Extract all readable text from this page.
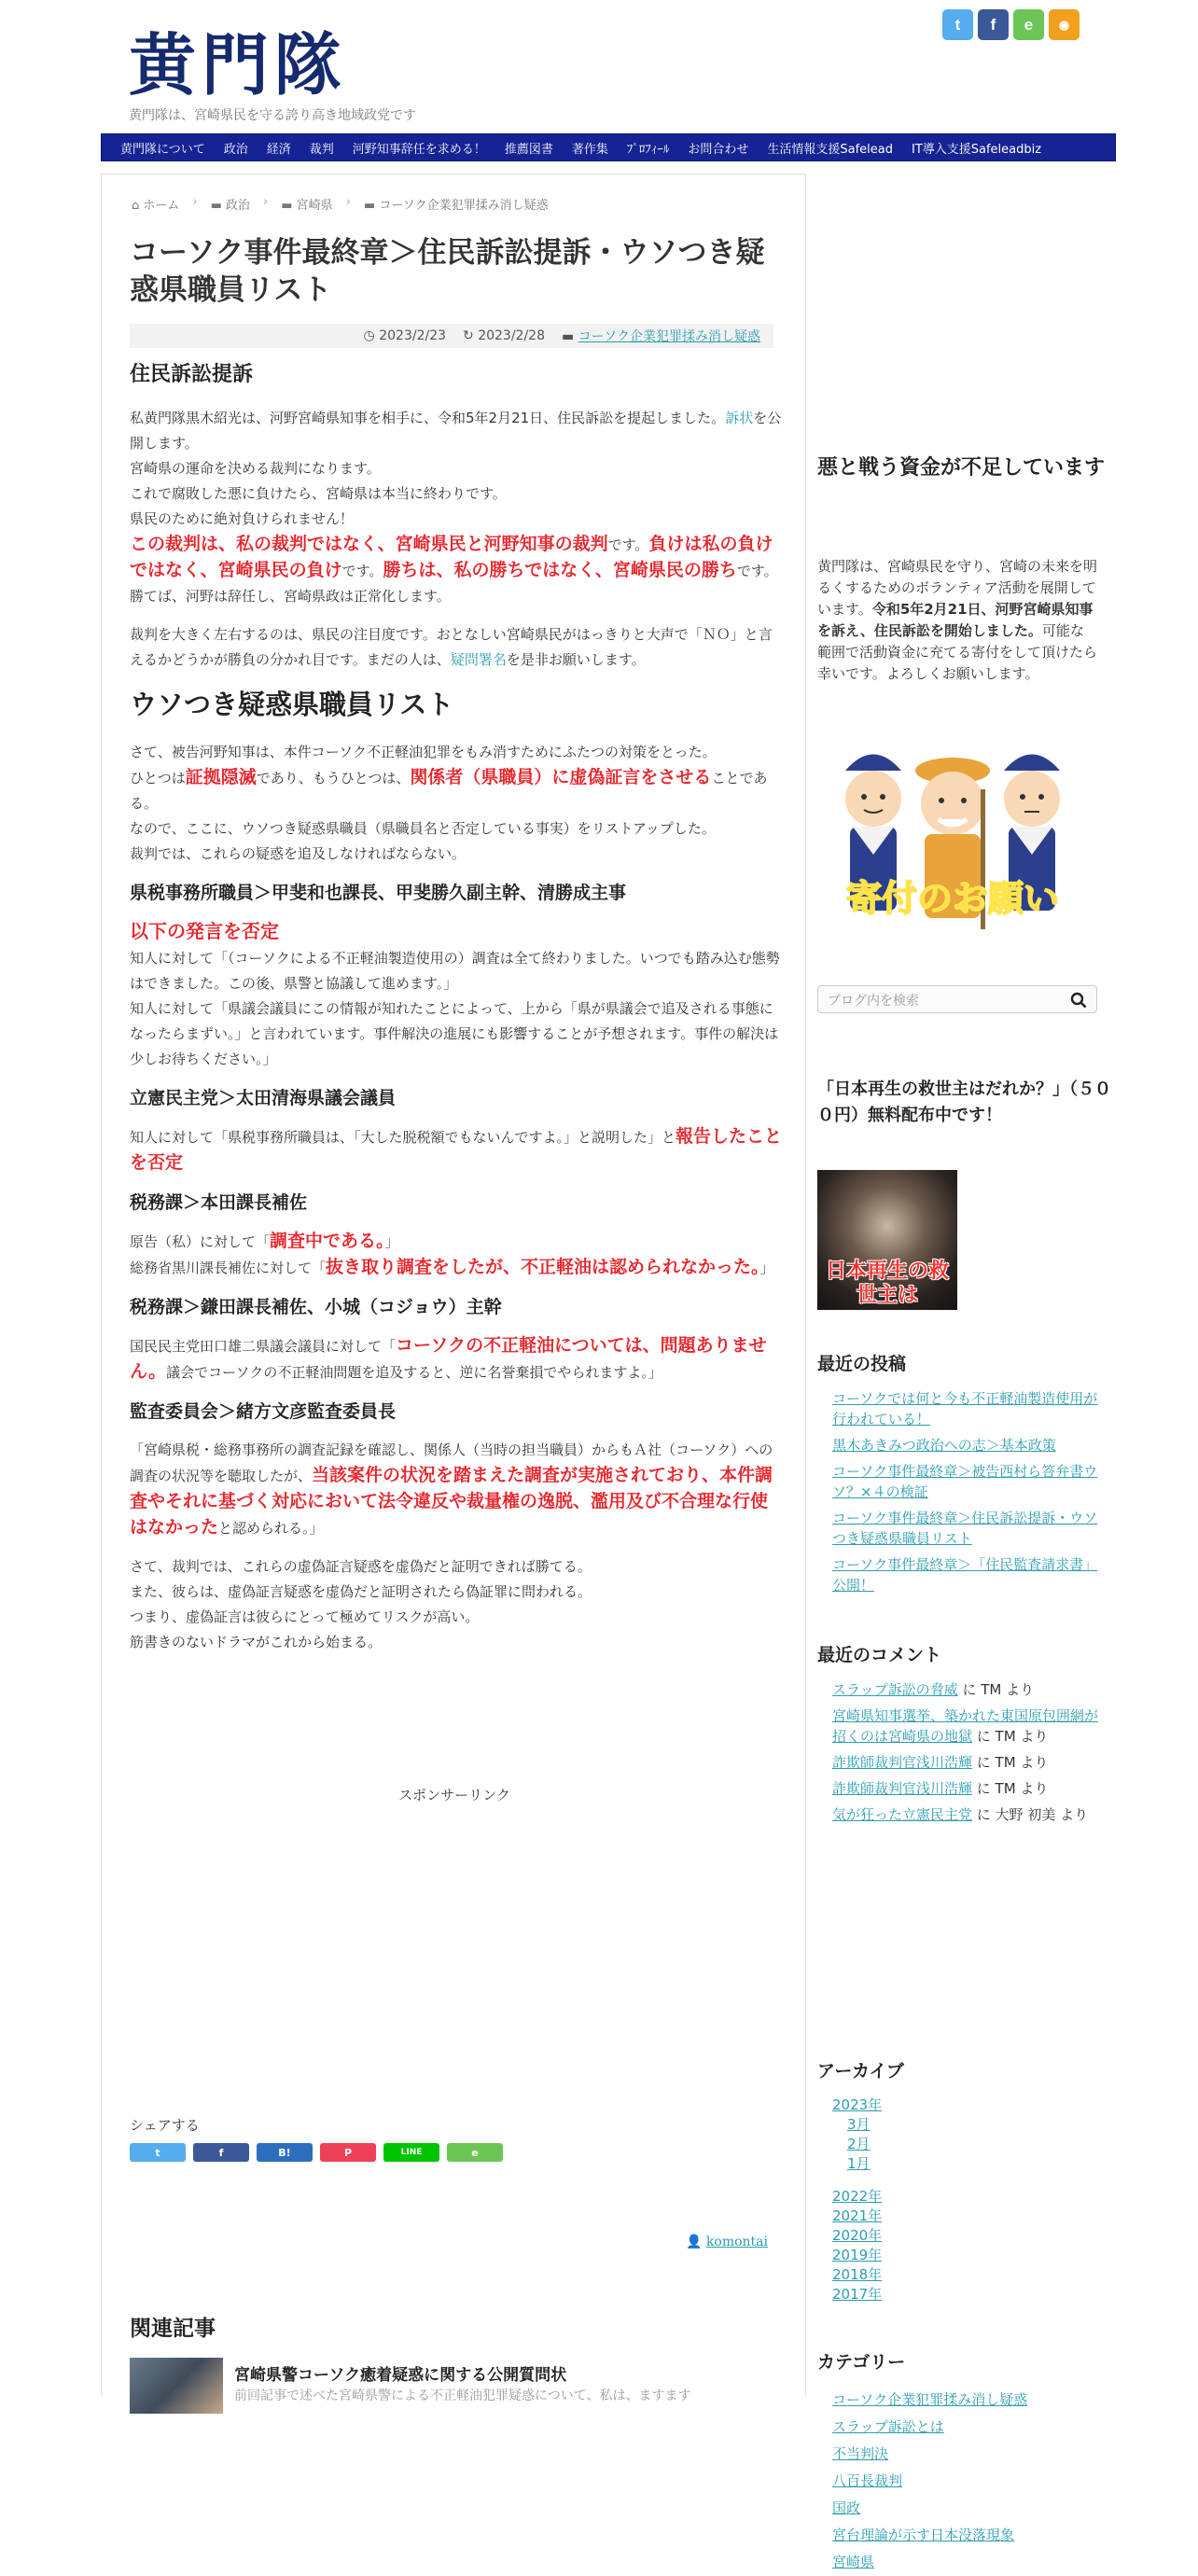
黄門隊
黄門隊は、宮崎県民を守る誇り高き地域政党です
t	f	e	◉
黄門隊について	政治	経済	裁判	河野知事辞任を求める！	推薦図書	著作集	ﾌﾟﾛﾌｨｰﾙ	お問合わせ	生活情報支援Safelead	IT導入支援Safeleadbiz
⌂ ホーム › ▬ 政治 › ▬ 宮崎県 › ▬ コーソク企業犯罪揉み消し疑惑
コーソク事件最終章＞住民訴訟提訴・ウソつき疑惑県職員リスト
◷ 2023/2/23 ↻ 2023/2/28 ▬ コーソク企業犯罪揉み消し疑惑
住民訴訟提訴

私黄門隊黒木紹光は、河野宮崎県知事を相手に、令和5年2月21日、住民訴訟を提起しました。訴状を公開します。
宮崎県の運命を決める裁判になります。
これで腐敗した悪に負けたら、宮崎県は本当に終わりです。
県民のために絶対負けられません！
この裁判は、私の裁判ではなく、宮崎県民と河野知事の裁判です。負けは私の負けではなく、宮崎県民の負けです。勝ちは、私の勝ちではなく、宮崎県民の勝ちです。勝てば、河野は辞任し、宮崎県政は正常化します。

裁判を大きく左右するのは、県民の注目度です。おとなしい宮崎県民がはっきりと大声で「ＮＯ」と言えるかどうかが勝負の分かれ目です。まだの人は、疑問署名を是非お願いします。

ウソつき疑惑県職員リスト

さて、被告河野知事は、本件コーソク不正軽油犯罪をもみ消すためにふたつの対策をとった。
ひとつは証拠隠滅であり、もうひとつは、関係者（県職員）に虚偽証言をさせることである。
なので、ここに、ウソつき疑惑県職員（県職員名と否定している事実）をリストアップした。
裁判では、これらの疑惑を追及しなければならない。

県税事務所職員＞甲斐和也課長、甲斐勝久副主幹、清勝成主事

以下の発言を否定
知人に対して「（コーソクによる不正軽油製造使用の）調査は全て終わりました。いつでも踏み込む態勢はできました。この後、県警と協議して進めます。」
知人に対して「県議会議員にこの情報が知れたことによって、上から「県が県議会で追及される事態になったらまずい。」と言われています。事件解決の進展にも影響することが予想されます。事件の解決は少しお待ちください。」

立憲民主党＞太田清海県議会議員

知人に対して「県税事務所職員は、「大した脱税額でもないんですよ。」と説明した」と報告したことを否定

税務課＞本田課長補佐

原告（私）に対して「調査中である。」
総務省黒川課長補佐に対して「抜き取り調査をしたが、不正軽油は認められなかった。」

税務課＞鎌田課長補佐、小城（コジョウ）主幹

国民民主党田口雄二県議会議員に対して「コーソクの不正軽油については、問題ありません。議会でコーソクの不正軽油問題を追及すると、逆に名誉棄損でやられますよ。」

監査委員会＞緒方文彦監査委員長

「宮崎県税・総務事務所の調査記録を確認し、関係人（当時の担当職員）からもＡ社（コーソク）への調査の状況等を聴取したが、当該案件の状況を踏まえた調査が実施されており、本件調査やそれに基づく対応において法令違反や裁量権の逸脱、濫用及び不合理な行使はなかったと認められる。」

さて、裁判では、これらの虚偽証言疑惑を虚偽だと証明できれば勝てる。
また、彼らは、虚偽証言疑惑を虚偽だと証明されたら偽証罪に問われる。
つまり、虚偽証言は彼らにとって極めてリスクが高い。
筋書きのないドラマがこれから始まる。

スポンサーリンク
シェアする
t	f	B!	P	LINE	e
👤 komontai
関連記事
宮崎県警コーソク癒着疑惑に関する公開質問状
前回記事で述べた宮崎県警による不正軽油犯罪疑惑について、私は、ますます
悪と戦う資金が不足しています
黄門隊は、宮崎県民を守り、宮崎の未来を明るくするためのボランティア活動を展開しています。令和5年2月21日、河野宮崎県知事を訴え、住民訴訟を開始しました。可能な範囲で活動資金に充てる寄付をして頂けたら幸いです。よろしくお願いします。
寄付のお願い
ブログ内を検索
「日本再生の救世主はだれか？」（５００円）無料配布中です！
日本再生の救世主は
最近の投稿
コーソクでは何と今も不正軽油製造使用が行われている！
黒木あきみつ政治への志＞基本政策
コーソク事件最終章＞被告西村ら答弁書ウソ？×４の検証
コーソク事件最終章＞住民訴訟提訴・ウソつき疑惑県職員リスト
コーソク事件最終章＞「住民監査請求書」公開！
最近のコメント
スラップ訴訟の脅威 に TM より
宮崎県知事選挙、築かれた東国原包囲網が招くのは宮崎県の地獄 に TM より
詐欺師裁判官浅川浩輝 に TM より
詐欺師裁判官浅川浩輝 に TM より
気が狂った立憲民主党 に 大野 初美 より
アーカイブ
2023年
3月
2月
1月
2022年
2021年
2020年
2019年
2018年
2017年
カテゴリー
コーソク企業犯罪揉み消し疑惑
スラップ訴訟とは
不当判決
八百長裁判
国政
宮台理論が示す日本没落現象
宮崎県
